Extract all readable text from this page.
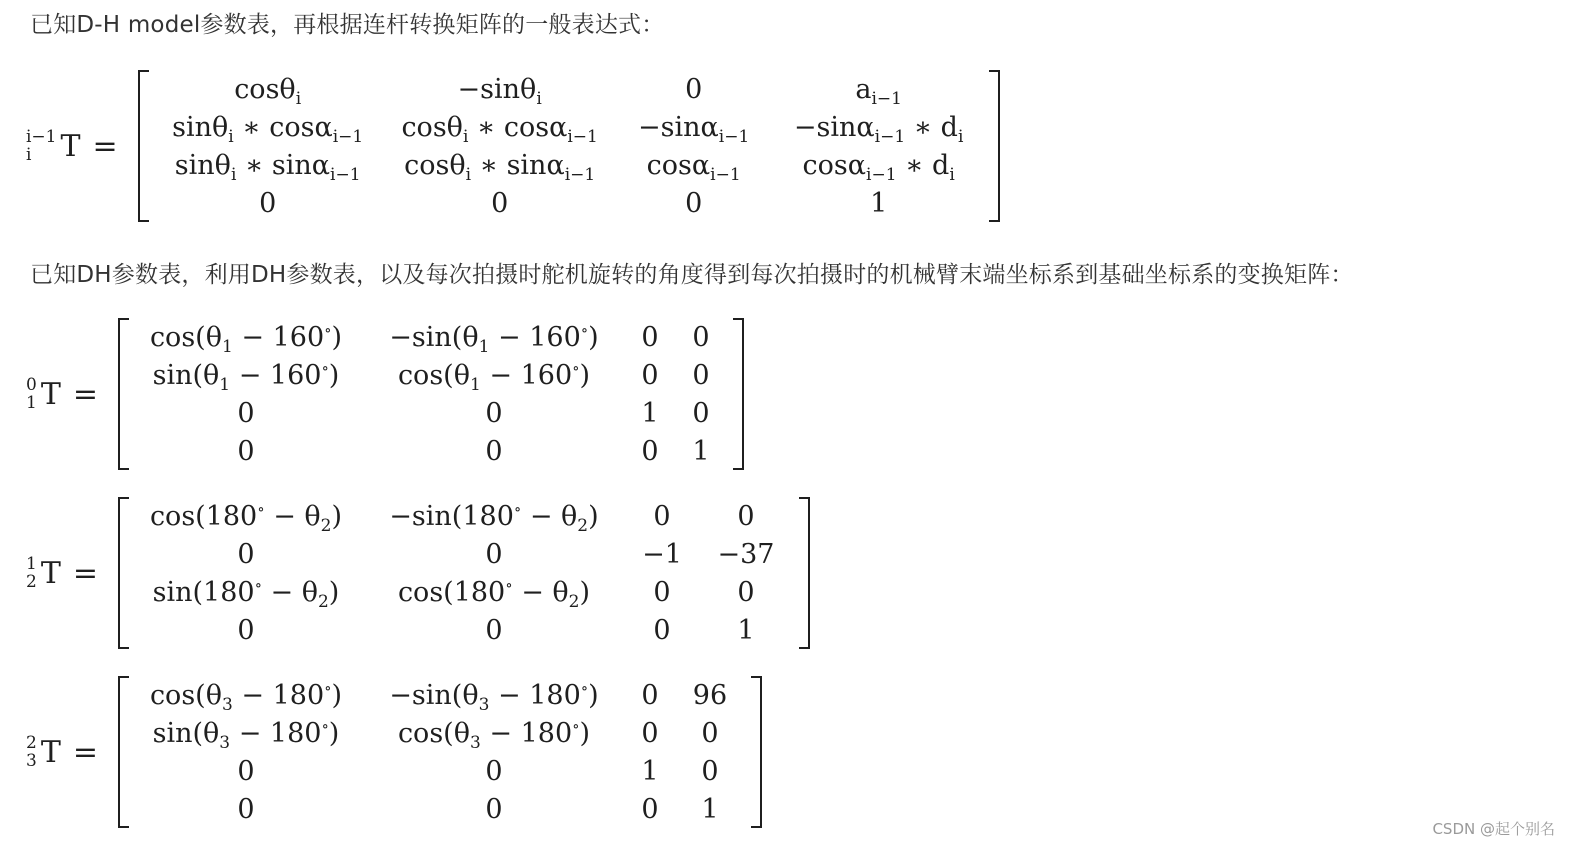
已知D-H model参数表，再根据连杆转换矩阵的一般表达式：
i−1
i T =
cosθ$_i$	−sinθ$_i$	0	$a_{i-1}$
sinθ$_i$ ∗ cosα$_{i-1}$	cosθ$_i$ ∗ cosα$_{i-1}$	−sinα$_{i-1}$	−sinα$_{i-1}$ ∗ $d_i$
sinθ$_i$ ∗ sinα$_{i-1}$	cosθ$_i$ ∗ sinα$_{i-1}$	cosα$_{i-1}$	cosα$_{i-1}$ ∗ $d_i$
0	0	0	1
已知DH参数表，利用DH参数表，以及每次拍摄时舵机旋转的角度得到每次拍摄时的机械臂末端坐标系到基础坐标系的变换矩阵：
0
1 T =
$\cos(\theta_1 - 160^\circ)$	$-\sin(\theta_1 - 160^\circ)$	0	0
$\sin(\theta_1 - 160^\circ)$	$\cos(\theta_1 - 160^\circ)$	0	0
0	0	1	0
0	0	0	1
1
2 T =
$\cos(180^\circ - \theta_2)$	$-\sin(180^\circ - \theta_2)$	0	0
0	0	−1	−37
$\sin(180^\circ - \theta_2)$	$\cos(180^\circ - \theta_2)$	0	0
0	0	0	1
2
3 T =
$\cos(\theta_3 - 180^\circ)$	$-\sin(\theta_3 - 180^\circ)$	0	96
$\sin(\theta_3 - 180^\circ)$	$\cos(\theta_3 - 180^\circ)$	0	0
0	0	1	0
0	0	0	1
CSDN @起个别名
